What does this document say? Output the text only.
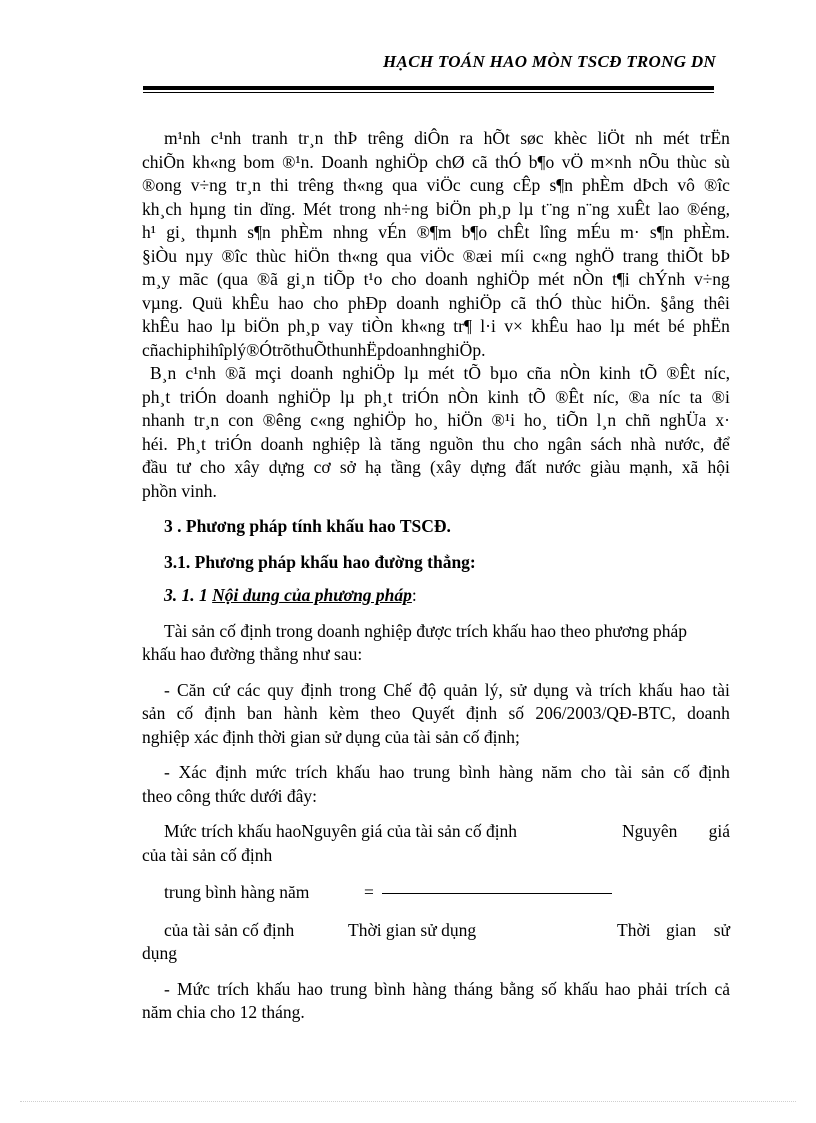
HẠCH TOÁN HAO MÒN TSCĐ TRONG DN
m¹nh c¹nh tranh tr¸n thÞ trêng diÔn ra hÕt søc khèc liÖt nh mét trËn
chiÕn kh«ng bom ®¹n. Doanh nghiÖp chØ cã thÓ b¶o vÖ m×nh nÕu thùc sù
®ong v÷ng tr¸n thi trêng th«ng qua viÖc cung cÊp s¶n phÈm dÞch vô ®îc
kh¸ch hµng tin dïng. Mét trong nh÷ng biÖn ph¸p lµ t¨ng n¨ng xuÊt lao ®éng,
h¹ gi¸ thµnh s¶n phÈm nhng vÉn ®¶m b¶o chÊt lîng mÉu m· s¶n phÈm.
§iÒu nµy ®îc thùc hiÖn th«ng qua viÖc ®æi míi c«ng nghÖ trang thiÕt bÞ
m¸y mãc (qua ®ã gi¸n tiÕp t¹o cho doanh nghiÖp mét nÒn t¶i chÝnh v÷ng
vµng. Quü khÊu hao cho phÐp doanh nghiÖp cã thÓ thùc hiÖn. §ång thêi
khÊu hao lµ biÖn ph¸p vay tiÒn kh«ng tr¶ l·i v× khÊu hao lµ mét bé phËn
cñachiphihîplý®ÓtrõthuÕthunhËpdoanhnghiÖp.
B¸n c¹nh ®ã mçi doanh nghiÖp lµ mét tÕ bµo cña nÒn kinh tÕ ®Êt níc,
ph¸t triÓn doanh nghiÖp lµ ph¸t triÓn nÒn kinh tÕ ®Êt níc, ®a níc ta ®i
nhanh tr¸n con ®êng c«ng nghiÖp ho¸ hiÖn ®¹i ho¸ tiÕn l¸n chñ nghÜa x·
héi. Ph¸t triÓn doanh nghiệp là tăng nguồn thu cho ngân sách nhà nước, để
đầu tư cho xây dựng cơ sở hạ tầng (xây dựng đất nước giàu mạnh, xã hội
phồn vinh.
3 . Phương pháp tính khấu hao TSCĐ.
3.1. Phương pháp khấu hao đường thẳng:
3. 1. 1 Nội dung của phương pháp:
Tài sản cố định trong doanh nghiệp được trích khấu hao theo phương pháp
khấu hao đường thẳng như sau:
- Căn cứ các quy định trong Chế độ quản lý, sử dụng và trích khấu hao tài
sản cố định ban hành kèm theo Quyết định số 206/2003/QĐ-BTC, doanh
nghiệp xác định thời gian sử dụng của tài sản cố định;
- Xác định mức trích khấu hao trung bình hàng năm cho tài sản cố định
theo công thức dưới đây:
Mức trích khấu haoNguyên giá của tài sản cố định	Nguyên giá
của tài sản cố định
trung bình hàng năm	=
của tài sản cố định	Thời gian sử dụng	Thời gian sử
dụng
- Mức trích khấu hao trung bình hàng tháng bằng số khấu hao phải trích cả
năm chia cho 12 tháng.
